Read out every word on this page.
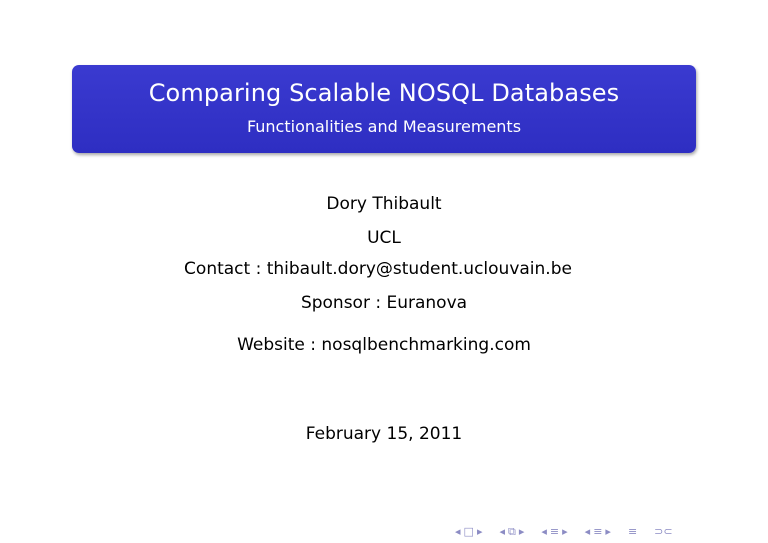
Comparing Scalable NOSQL Databases
Functionalities and Measurements
Dory Thibault
UCL
Contact : thibault.dory@student.uclouvain.be
Sponsor : Euranova
Website : nosqlbenchmarking.com
February 15, 2011
◂ □ ▸ ◂ ⧉ ▸ ◂ ≡ ▸ ◂ ≡ ▸ ≡ ⊃⊂
